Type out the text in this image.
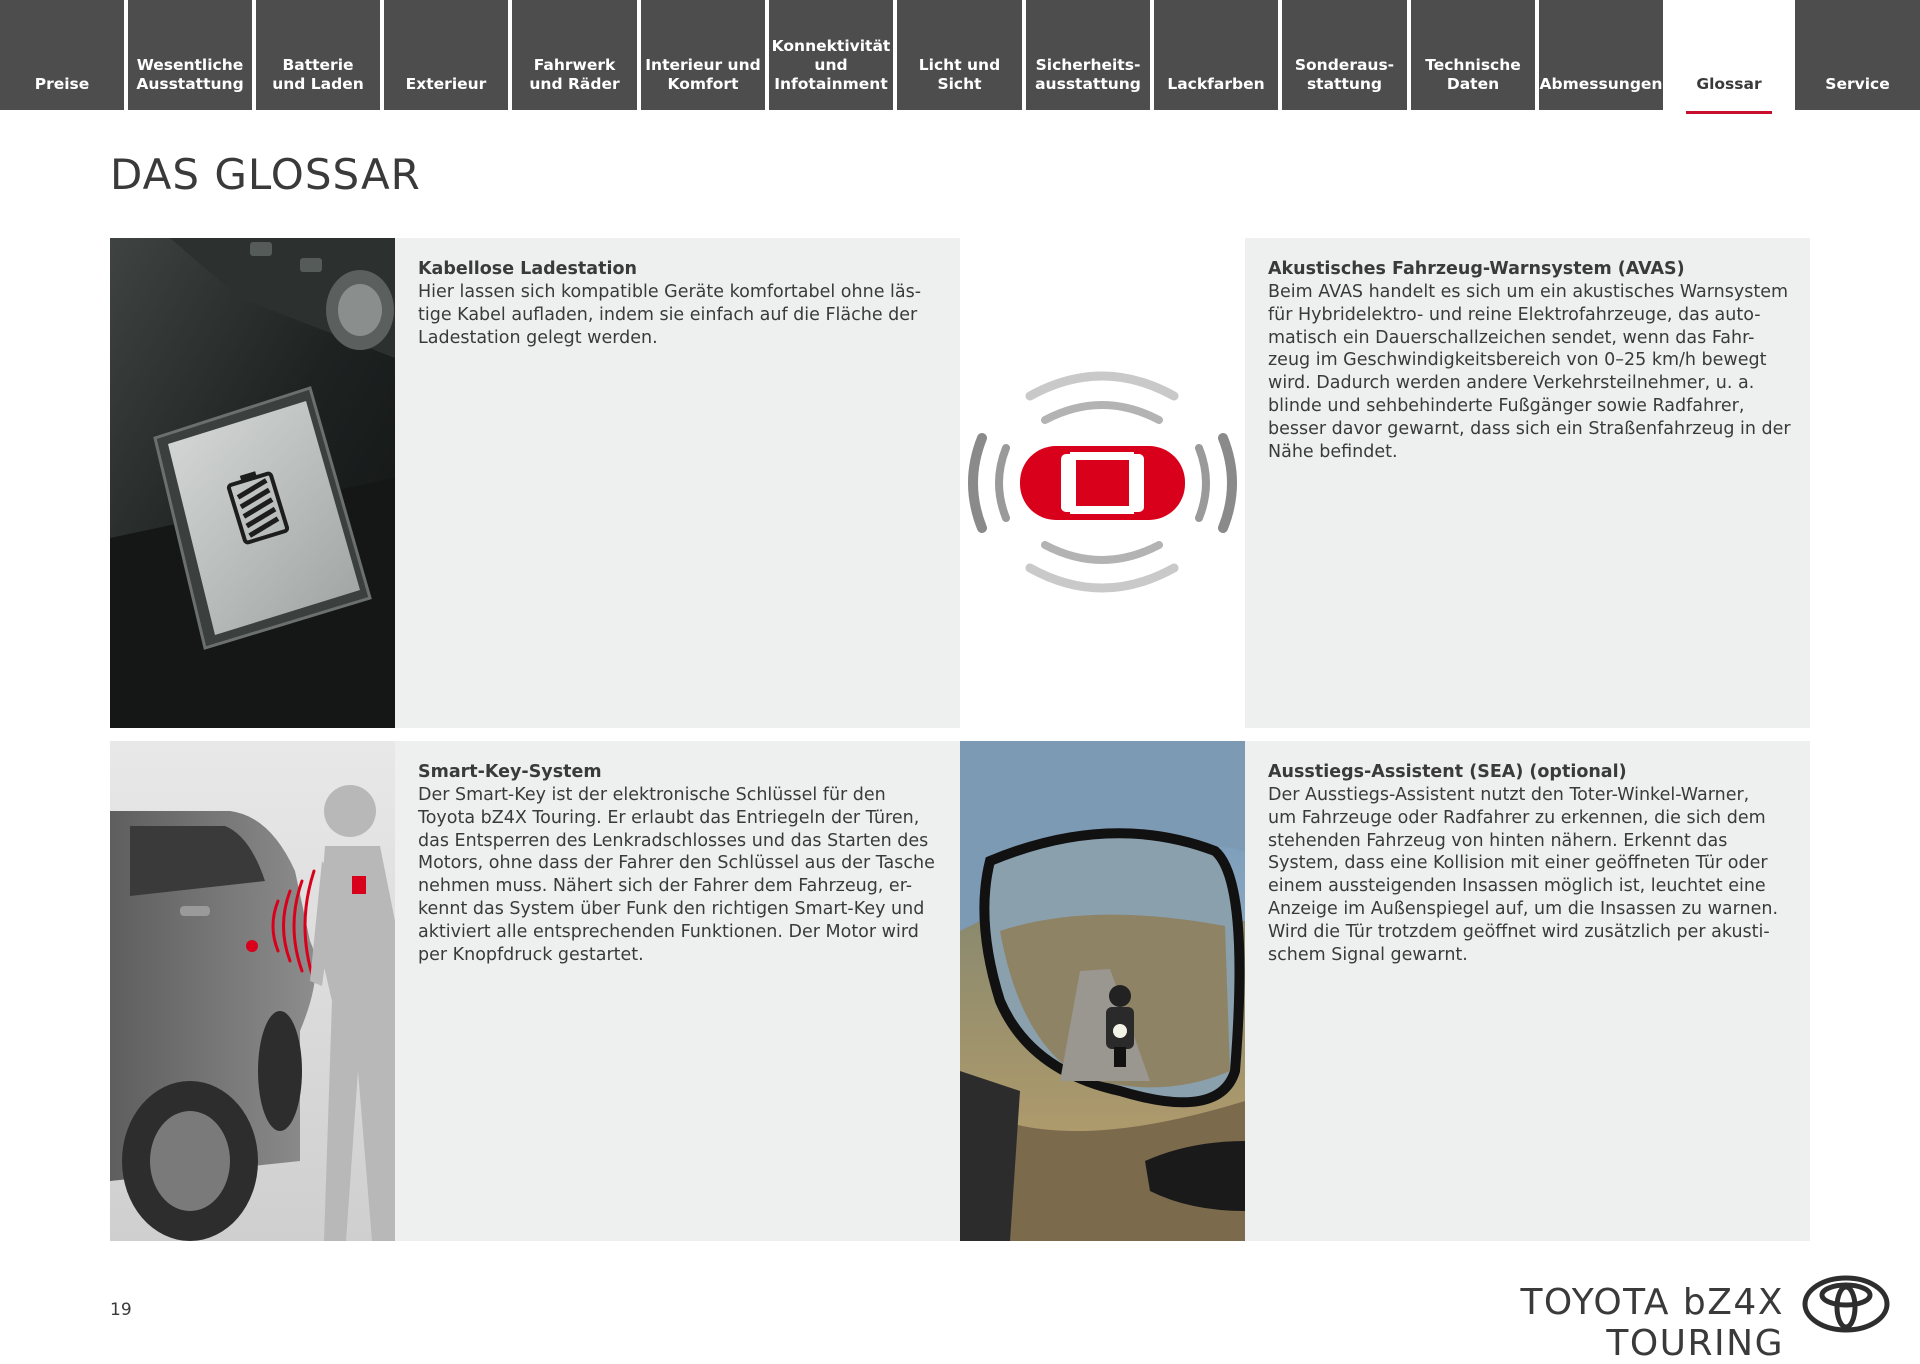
Preise
Wesentliche
Ausstattung
Batterie
und Laden	Exterieur
Fahrwerk
und Räder
Interieur und
Komfort
Konnektivität
und
Infotainment
Licht und Sicht
Sicherheits-
ausstattung	Lackfarben
Sonderaus-
stattung
Technische
Daten	Abmessungen	Glossar	Service
DAS GLOSSAR
Kabellose Ladestation

Hier lassen sich kompatible Geräte komfortabel ohne läs-
tige Kabel aufladen, indem sie einfach auf die Fläche der
Ladestation gelegt werden.

Akustisches Fahrzeug-Warnsystem (AVAS)

Beim AVAS handelt es sich um ein akustisches Warnsystem
für Hybridelektro- und reine Elektrofahrzeuge, das auto-
matisch ein Dauerschallzeichen sendet, wenn das Fahr-
zeug im Geschwindigkeitsbereich von 0–25 km/h bewegt
wird. Dadurch werden andere Verkehrsteilnehmer, u. a.
blinde und sehbehinderte Fußgänger sowie Radfahrer,
besser davor gewarnt, dass sich ein Straßenfahrzeug in der
Nähe befindet.

Smart-Key-System

Der Smart-Key ist der elektronische Schlüssel für den
Toyota bZ4X Touring. Er erlaubt das Entriegeln der Türen,
das Entsperren des Lenkradschlosses und das Starten des
Motors, ohne dass der Fahrer den Schlüssel aus der Tasche
nehmen muss. Nähert sich der Fahrer dem Fahrzeug, er-
kennt das System über Funk den richtigen Smart-Key und
aktiviert alle entsprechenden Funktionen. Der Motor wird
per Knopfdruck gestartet.

Ausstiegs-Assistent (SEA) (optional)

Der Ausstiegs-Assistent nutzt den Toter-Winkel-Warner,
um Fahrzeuge oder Radfahrer zu erkennen, die sich dem
stehenden Fahrzeug von hinten nähern. Erkennt das
System, dass eine Kollision mit einer geöffneten Tür oder
einem aussteigenden Insassen möglich ist, leuchtet eine
Anzeige im Außenspiegel auf, um die Insassen zu warnen.
Wird die Tür trotzdem geöffnet wird zusätzlich per akusti-
schem Signal gewarnt.

19	TOYOTA bZ4X TOURING
